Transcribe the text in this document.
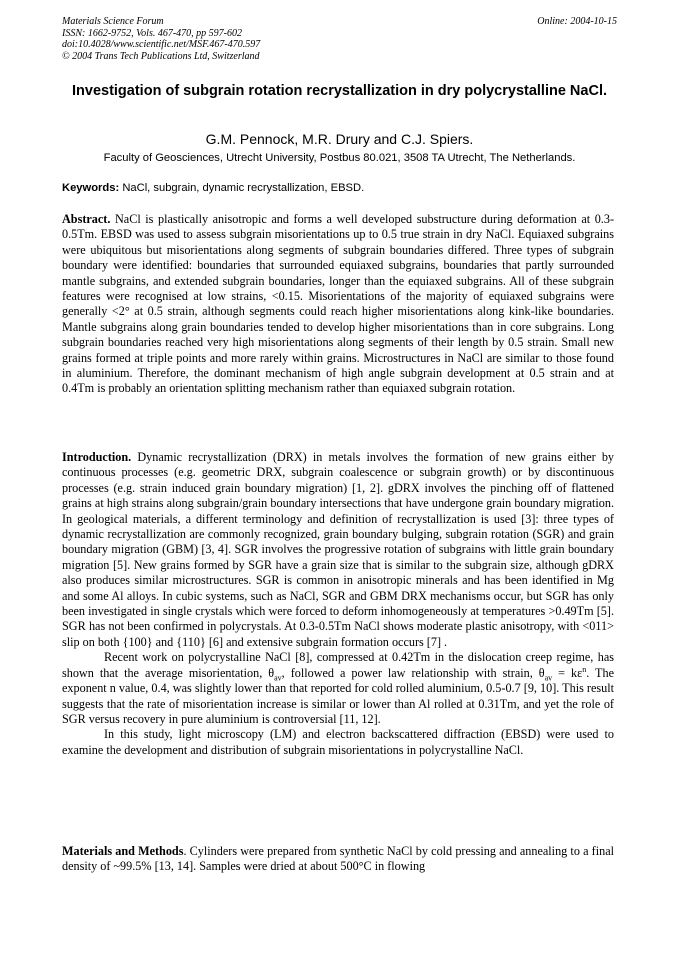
Materials Science Forum
ISSN: 1662-9752, Vols. 467-470, pp 597-602
doi:10.4028/www.scientific.net/MSF.467-470.597
© 2004 Trans Tech Publications Ltd, Switzerland
Online: 2004-10-15
Investigation of subgrain rotation recrystallization in dry polycrystalline NaCl.
G.M. Pennock, M.R. Drury and C.J. Spiers.
Faculty of Geosciences, Utrecht University, Postbus 80.021, 3508 TA Utrecht, The Netherlands.
Keywords: NaCl, subgrain, dynamic recrystallization, EBSD.

Abstract. NaCl is plastically anisotropic and forms a well developed substructure during deformation at 0.3-0.5Tm. EBSD was used to assess subgrain misorientations up to 0.5 true strain in dry NaCl. Equiaxed subgrains were ubiquitous but misorientations along segments of subgrain boundaries differed. Three types of subgrain boundary were identified: boundaries that surrounded equiaxed subgrains, boundaries that partly surrounded mantle subgrains, and extended subgrain boundaries, longer than the equiaxed subgrains. All of these subgrain features were recognised at low strains, <0.15. Misorientations of the majority of equiaxed subgrains were generally <2° at 0.5 strain, although segments could reach higher misorientations along kink-like boundaries. Mantle subgrains along grain boundaries tended to develop higher misorientations than in core subgrains. Long subgrain boundaries reached very high misorientations along segments of their length by 0.5 strain. Small new grains formed at triple points and more rarely within grains. Microstructures in NaCl are similar to those found in aluminium. Therefore, the dominant mechanism of high angle subgrain development at 0.5 strain and at 0.4Tm is probably an orientation splitting mechanism rather than equiaxed subgrain rotation.

Introduction. Dynamic recrystallization (DRX) in metals involves the formation of new grains either by continuous processes (e.g. geometric DRX, subgrain coalescence or subgrain growth) or by discontinuous processes (e.g. strain induced grain boundary migration) [1, 2]. gDRX involves the pinching off of flattened grains at high strains along subgrain/grain boundary intersections that have undergone grain boundary migration. In geological materials, a different terminology and definition of recrystallization is used [3]: three types of dynamic recrystallization are commonly recognized, grain boundary bulging, subgrain rotation (SGR) and grain boundary migration (GBM) [3, 4]. SGR involves the progressive rotation of subgrains with little grain boundary migration [5]. New grains formed by SGR have a grain size that is similar to the subgrain size, although gDRX also produces similar microstructures. SGR is common in anisotropic minerals and has been identified in Mg and some Al alloys. In cubic systems, such as NaCl, SGR and GBM DRX mechanisms occur, but SGR has only been investigated in single crystals which were forced to deform inhomogeneously at temperatures >0.49Tm [5]. SGR has not been confirmed in polycrystals. At 0.3-0.5Tm NaCl shows moderate plastic anisotropy, with <011> slip on both {100} and {110} [6] and extensive subgrain formation occurs [7] .

Recent work on polycrystalline NaCl [8], compressed at 0.42Tm in the dislocation creep regime, has shown that the average misorientation, $\theta_{av}$, followed a power law relationship with strain, $\theta_{av} = k\varepsilon^n$. The exponent n value, 0.4, was slightly lower than that reported for cold rolled aluminium, 0.5-0.7 [9, 10]. This result suggests that the rate of misorientation increase is similar or lower than Al rolled at 0.31Tm, and yet the role of SGR versus recovery in pure aluminium is controversial [11, 12].

In this study, light microscopy (LM) and electron backscattered diffraction (EBSD) were used to examine the development and distribution of subgrain misorientations in polycrystalline NaCl.

Materials and Methods. Cylinders were prepared from synthetic NaCl by cold pressing and annealing to a final density of ~99.5% [13, 14]. Samples were dried at about 500°C in flowing
